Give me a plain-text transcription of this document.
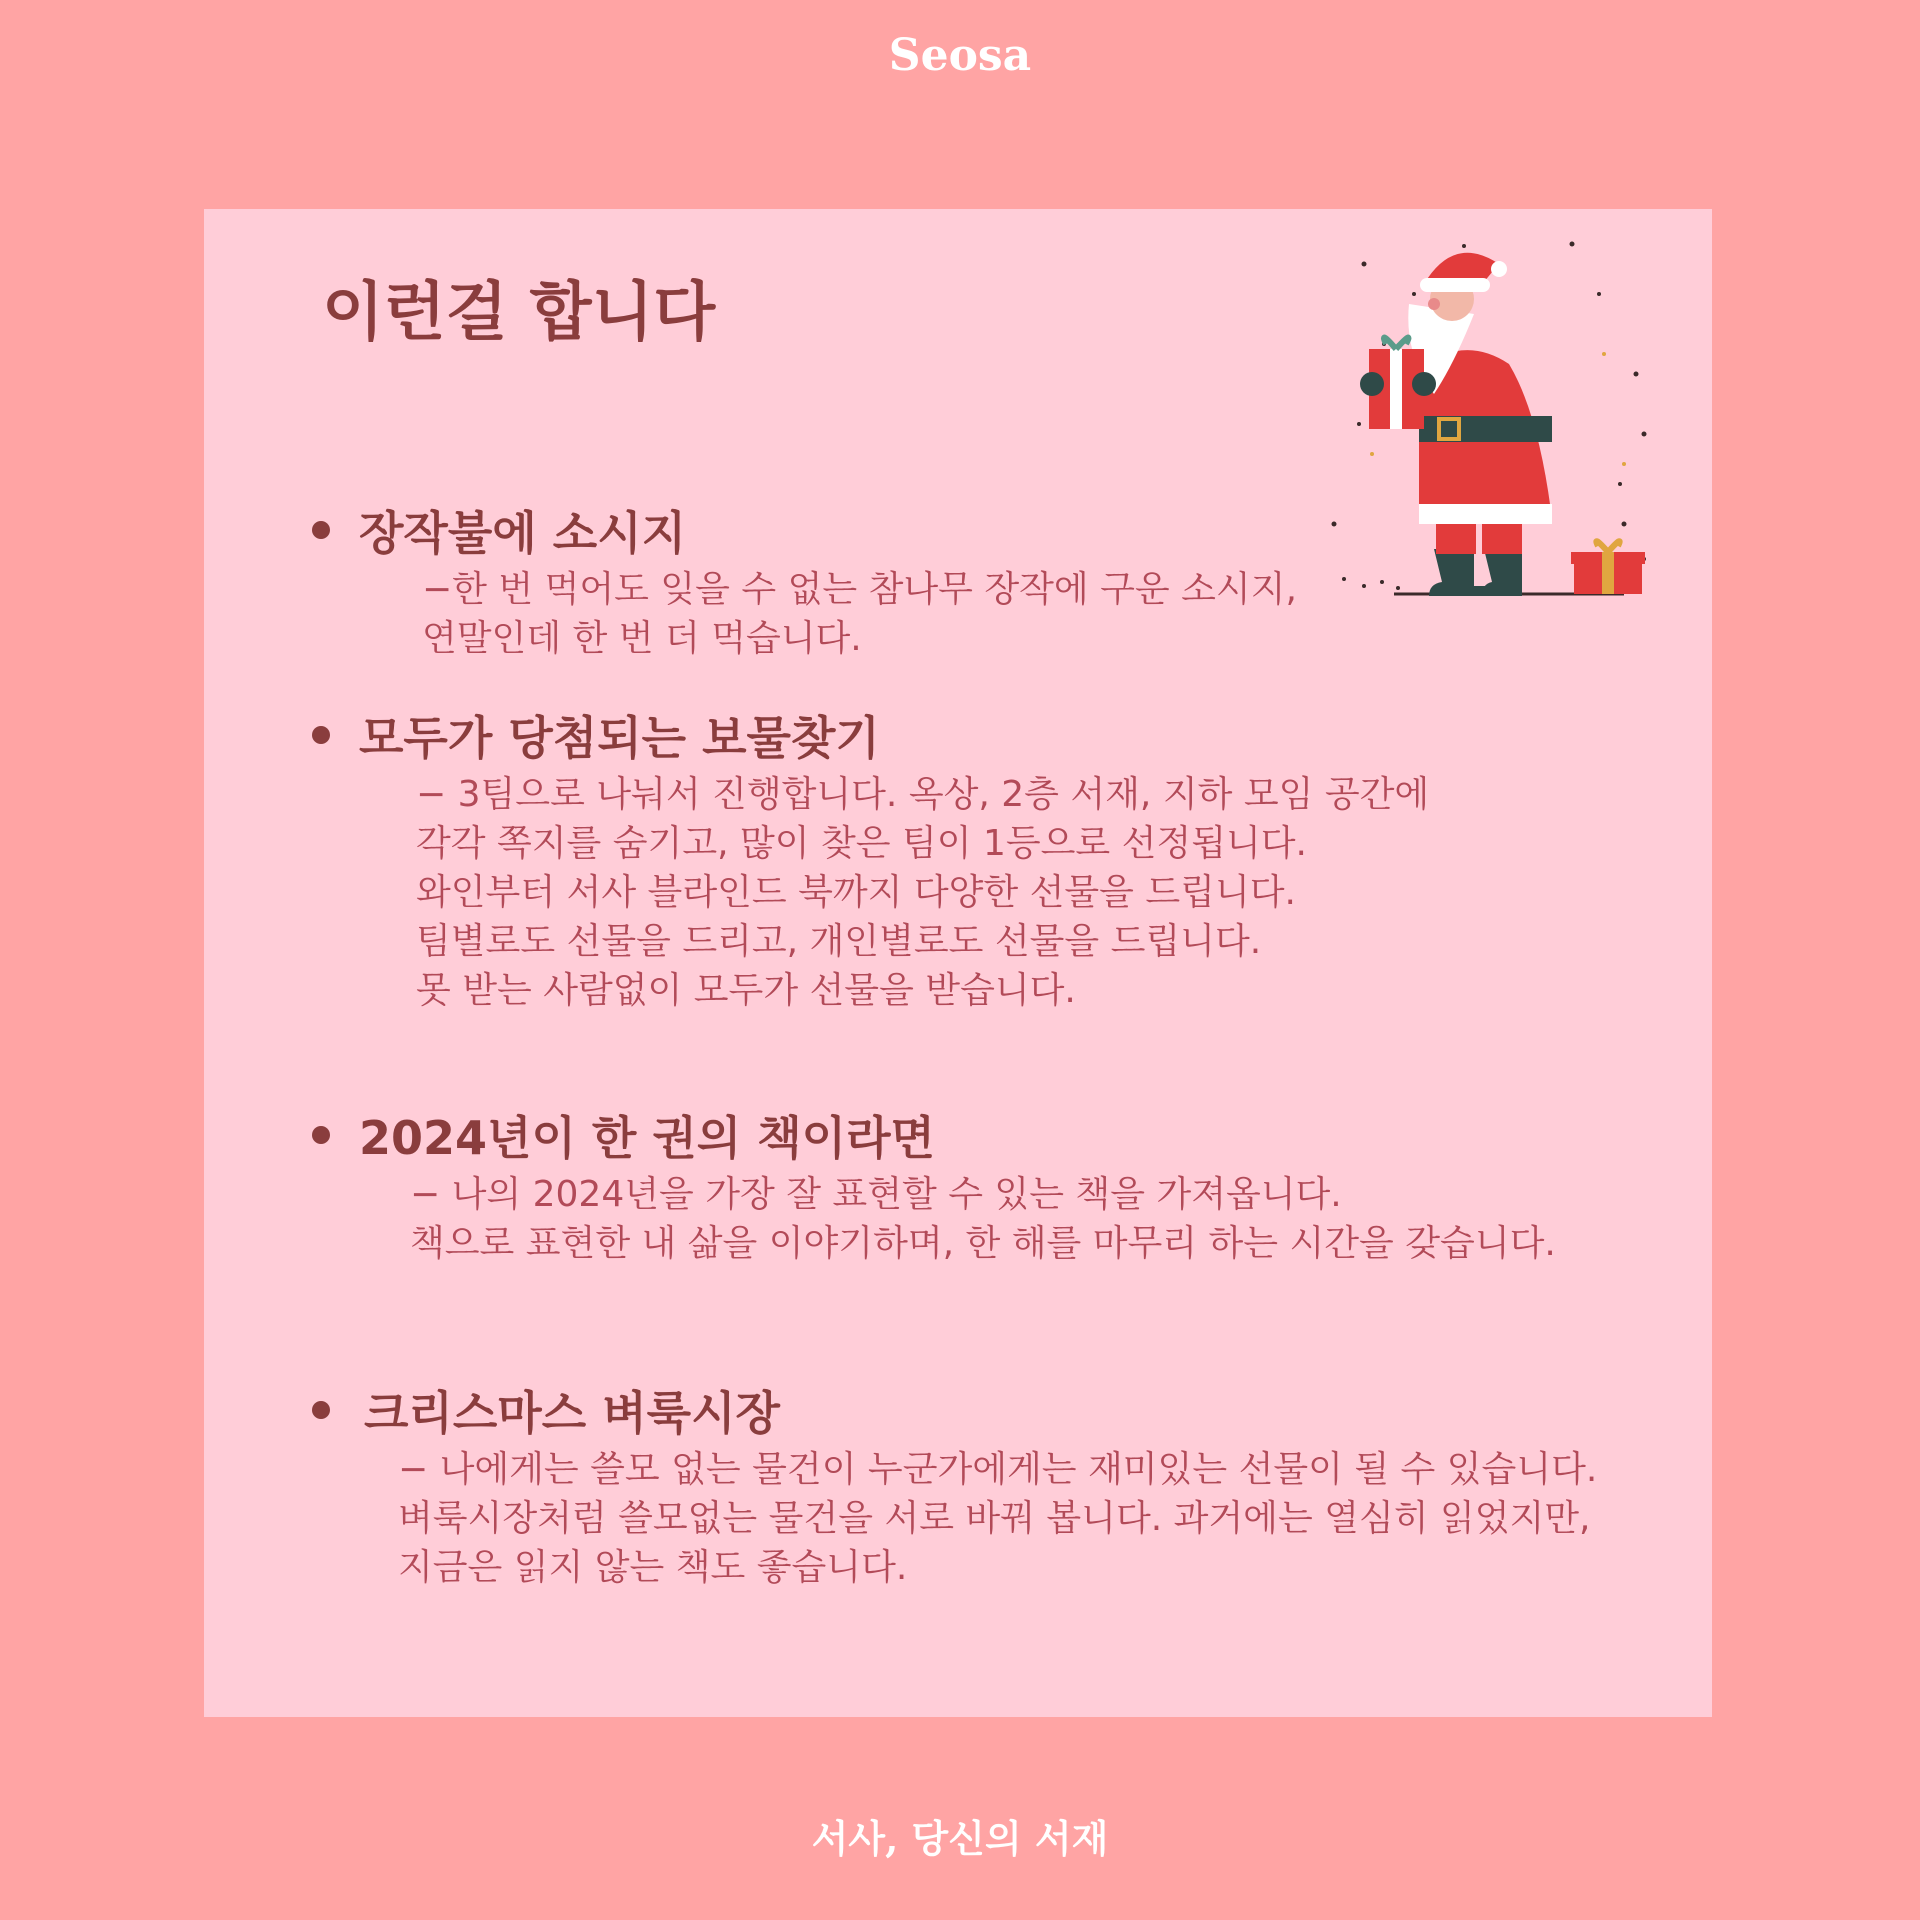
Seosa
이런걸 합니다
장작불에 소시지
−한 번 먹어도 잊을 수 없는 참나무 장작에 구운 소시지,
연말인데 한 번 더 먹습니다.
모두가 당첨되는 보물찾기
− 3팀으로 나눠서 진행합니다. 옥상, 2층 서재, 지하 모임 공간에
각각 쪽지를 숨기고, 많이 찾은 팀이 1등으로 선정됩니다.
와인부터 서사 블라인드 북까지 다양한 선물을 드립니다.
팀별로도 선물을 드리고, 개인별로도 선물을 드립니다.
못 받는 사람없이 모두가 선물을 받습니다.
2024년이 한 권의 책이라면
− 나의 2024년을 가장 잘 표현할 수 있는 책을 가져옵니다.
책으로 표현한 내 삶을 이야기하며, 한 해를 마무리 하는 시간을 갖습니다.
크리스마스 벼룩시장
− 나에게는 쓸모 없는 물건이 누군가에게는 재미있는 선물이 될 수 있습니다.
벼룩시장처럼 쓸모없는 물건을 서로 바꿔 봅니다. 과거에는 열심히 읽었지만,
지금은 읽지 않는 책도 좋습니다.
서사, 당신의 서재
